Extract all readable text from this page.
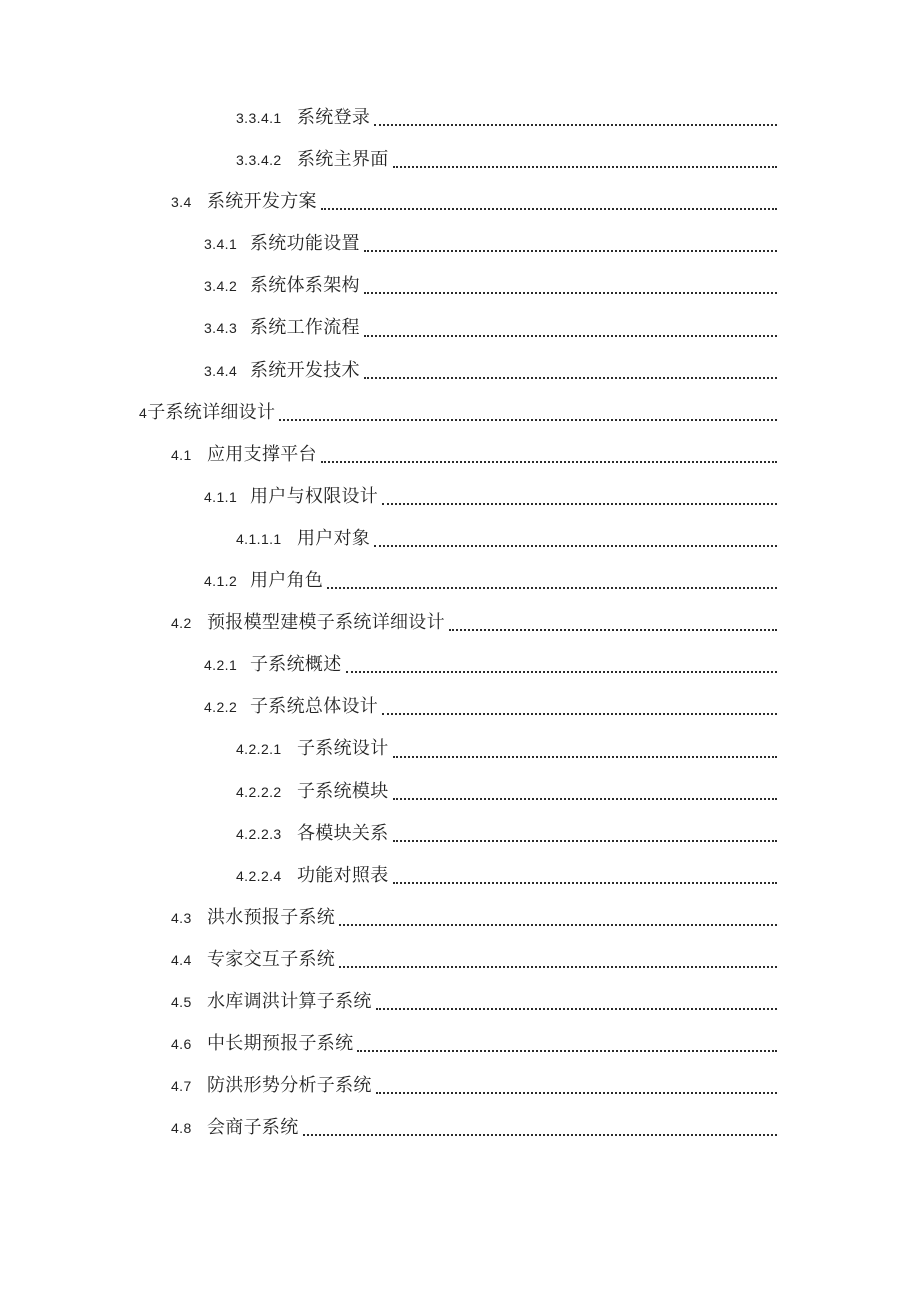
3.3.4.1 系统登录
3.3.4.2 系统主界面
3.4 系统开发方案
3.4.1 系统功能设置
3.4.2 系统体系架构
3.4.3 系统工作流程
3.4.4 系统开发技术
4 子系统详细设计
4.1 应用支撑平台
4.1.1 用户与权限设计
4.1.1.1 用户对象
4.1.2 用户角色
4.2 预报模型建模子系统详细设计
4.2.1 子系统概述
4.2.2 子系统总体设计
4.2.2.1 子系统设计
4.2.2.2 子系统模块
4.2.2.3 各模块关系
4.2.2.4 功能对照表
4.3 洪水预报子系统
4.4 专家交互子系统
4.5 水库调洪计算子系统
4.6 中长期预报子系统
4.7 防洪形势分析子系统
4.8 会商子系统
